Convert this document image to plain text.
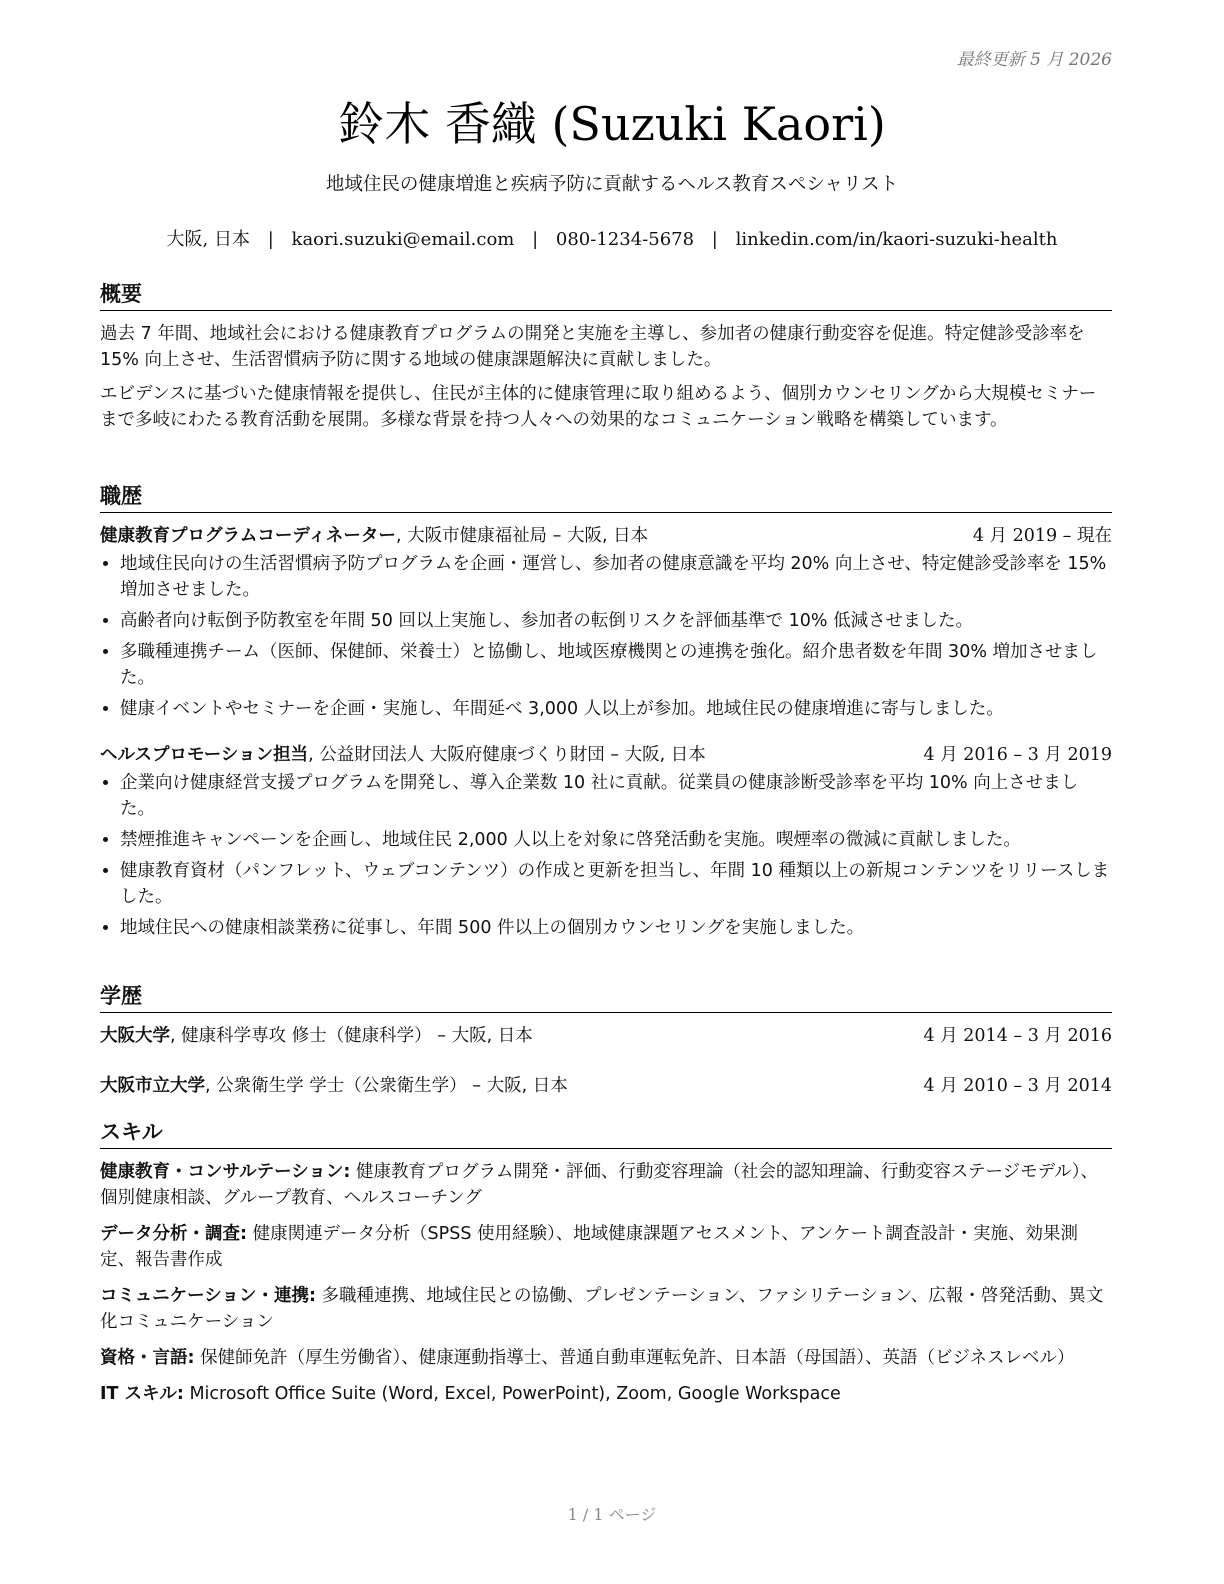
最終更新 5 月 2026
鈴木 香織 (Suzuki Kaori)
地域住民の健康増進と疾病予防に貢献するヘルス教育スペシャリスト
大阪, 日本 | kaori.suzuki@email.com | 080-1234-5678 | linkedin.com/in/kaori-suzuki-health
概要

過去 7 年間、地域社会における健康教育プログラムの開発と実施を主導し、参加者の健康行動変容を促進。特定健診受診率を 15% 向上させ、生活習慣病予防に関する地域の健康課題解決に貢献しました。

エビデンスに基づいた健康情報を提供し、住民が主体的に健康管理に取り組めるよう、個別カウンセリングから大規模セミナーまで多岐にわたる教育活動を展開。多様な背景を持つ人々への効果的なコミュニケーション戦略を構築しています。

職歴
健康教育プログラムコーディネーター, 大阪市健康福祉局 – 大阪, 日本	4 月 2019 – 現在
• 地域住民向けの生活習慣病予防プログラムを企画・運営し、参加者の健康意識を平均 20% 向上させ、特定健診受診率を 15% 増加させました。
• 高齢者向け転倒予防教室を年間 50 回以上実施し、参加者の転倒リスクを評価基準で 10% 低減させました。
• 多職種連携チーム（医師、保健師、栄養士）と協働し、地域医療機関との連携を強化。紹介患者数を年間 30% 増加させました。
• 健康イベントやセミナーを企画・実施し、年間延べ 3,000 人以上が参加。地域住民の健康増進に寄与しました。
ヘルスプロモーション担当, 公益財団法人 大阪府健康づくり財団 – 大阪, 日本	4 月 2016 – 3 月 2019
• 企業向け健康経営支援プログラムを開発し、導入企業数 10 社に貢献。従業員の健康診断受診率を平均 10% 向上させました。
• 禁煙推進キャンペーンを企画し、地域住民 2,000 人以上を対象に啓発活動を実施。喫煙率の微減に貢献しました。
• 健康教育資材（パンフレット、ウェブコンテンツ）の作成と更新を担当し、年間 10 種類以上の新規コンテンツをリリースしました。
• 地域住民への健康相談業務に従事し、年間 500 件以上の個別カウンセリングを実施しました。
学歴
大阪大学, 健康科学専攻 修士（健康科学） – 大阪, 日本	4 月 2014 – 3 月 2016
大阪市立大学, 公衆衛生学 学士（公衆衛生学） – 大阪, 日本	4 月 2010 – 3 月 2014
スキル

健康教育・コンサルテーション: 健康教育プログラム開発・評価、行動変容理論（社会的認知理論、行動変容ステージモデル）、個別健康相談、グループ教育、ヘルスコーチング

データ分析・調査: 健康関連データ分析（SPSS 使用経験）、地域健康課題アセスメント、アンケート調査設計・実施、効果測定、報告書作成

コミュニケーション・連携: 多職種連携、地域住民との協働、プレゼンテーション、ファシリテーション、広報・啓発活動、異文化コミュニケーション

資格・言語: 保健師免許（厚生労働省）、健康運動指導士、普通自動車運転免許、日本語（母国語）、英語（ビジネスレベル）

IT スキル: Microsoft Office Suite (Word, Excel, PowerPoint), Zoom, Google Workspace

1 / 1 ページ
